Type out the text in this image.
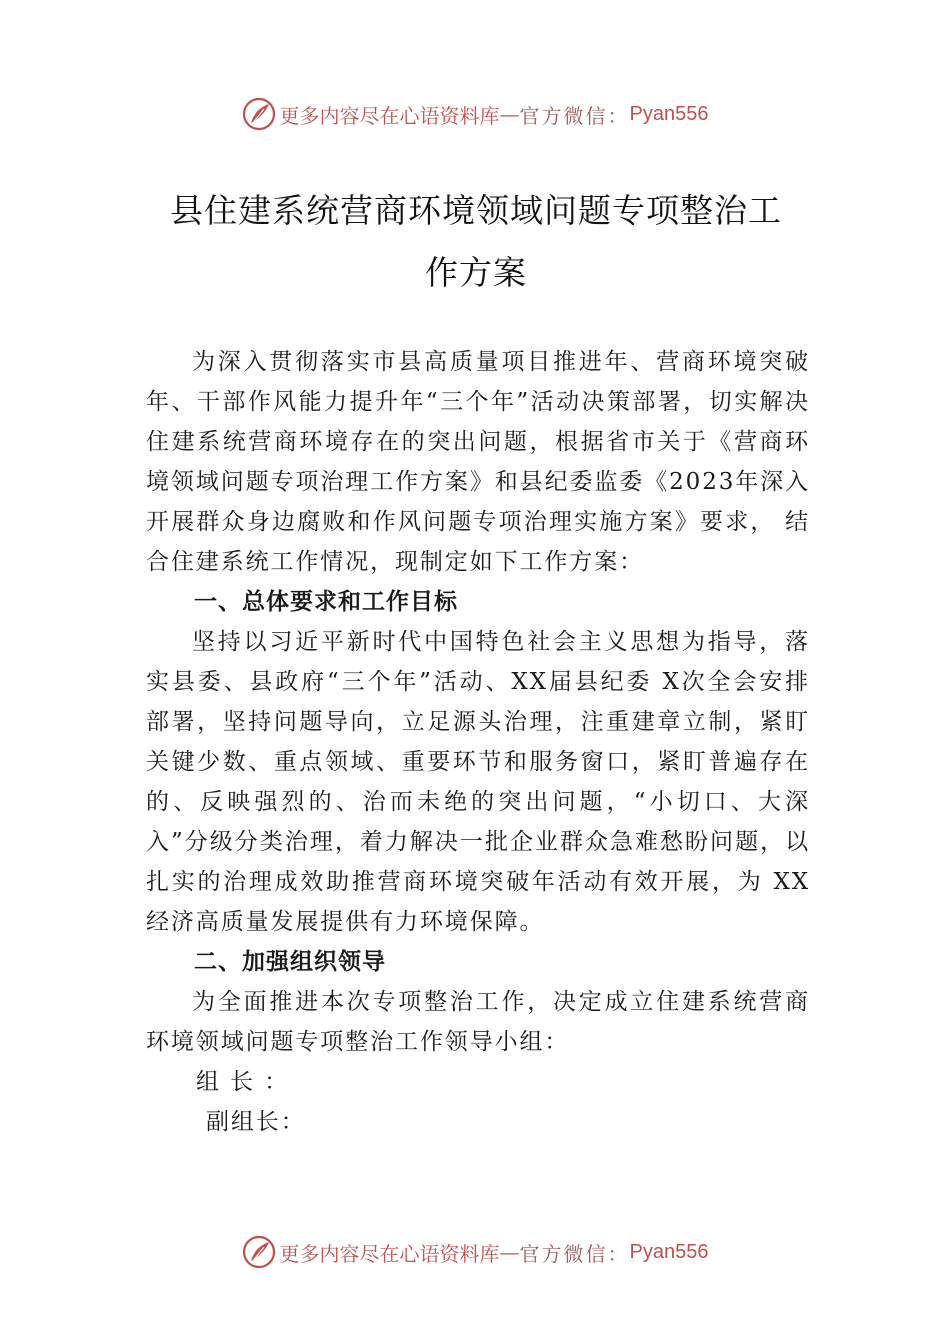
更多内容尽在心语资料库 — 官方微信： Pyan556
县住建系统营商环境领域问题专项整治工
作方案

为深入贯彻落实市县高质量项目推进年、营商环境突破年、干部作风能力提升年“三个年”活动决策部署，切实解决住建系统营商环境存在的突出问题，根据省市关于《营商环境领域问题专项治理工作方案》和县纪委监委《2023年深入开展群众身边腐败和作风问题专项治理实施方案》要求， 结合住建系统工作情况，现制定如下工作方案：

一、总体要求和工作目标

坚持以习近平新时代中国特色社会主义思想为指导，落实县委、县政府“三个年”活动、XX届县纪委 X次全会安排部署，坚持问题导向，立足源头治理，注重建章立制，紧盯关键少数、重点领域、重要环节和服务窗口，紧盯普遍存在的、反映强烈的、治而未绝的突出问题，“小切口、大深入”分级分类治理，着力解决一批企业群众急难愁盼问题，以扎实的治理成效助推营商环境突破年活动有效开展，为 XX经济高质量发展提供有力环境保障。

二、加强组织领导

为全面推进本次专项整治工作，决定成立住建系统营商环境领域问题专项整治工作领导小组：

组 长 ：
副组长：
更多内容尽在心语资料库 — 官方微信： Pyan556
